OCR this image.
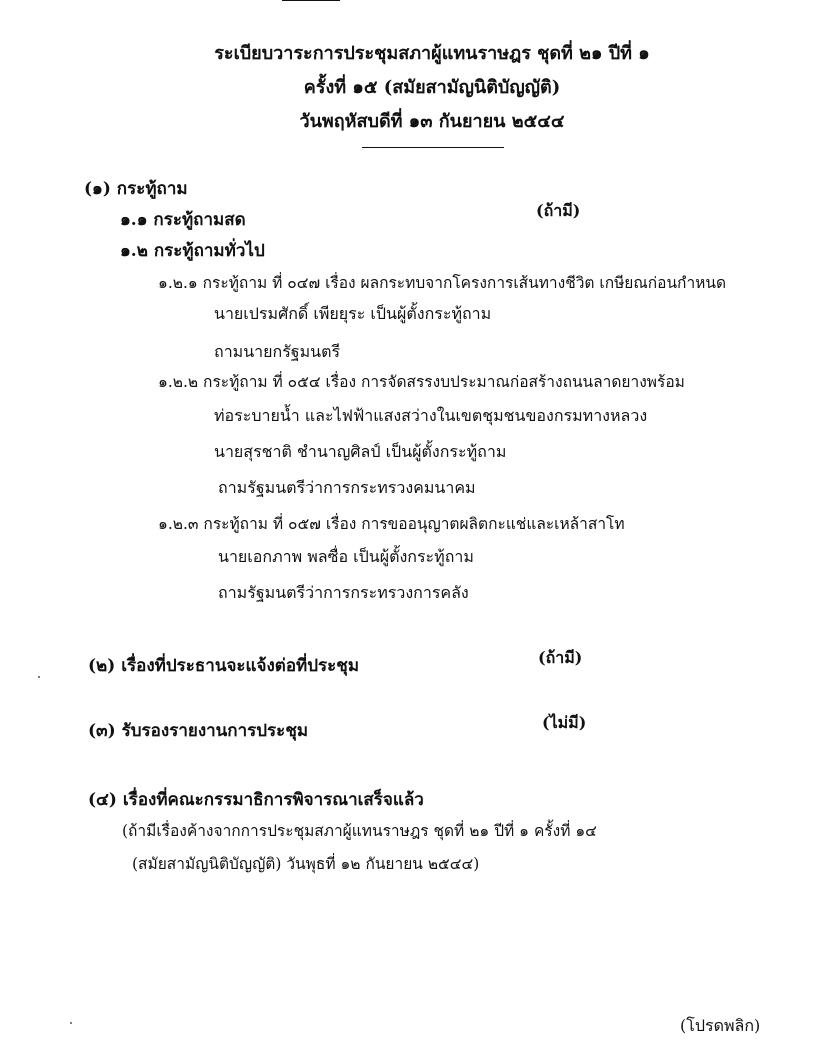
ระเบียบวาระการประชุมสภาผู้แทนราษฎร ชุดที่ ๒๑ ปีที่ ๑
ครั้งที่ ๑๕ (สมัยสามัญนิติบัญญัติ)
วันพฤหัสบดีที่ ๑๓ กันยายน ๒๕๔๔
(๑) กระทู้ถาม
๑.๑ กระทู้ถามสด	(ถ้ามี)
๑.๒ กระทู้ถามทั่วไป
๑.๒.๑ กระทู้ถาม ที่ ๐๔๗ เรื่อง ผลกระทบจากโครงการเส้นทางชีวิต เกษียณก่อนกำหนด
นายเปรมศักดิ์ เพียยุระ เป็นผู้ตั้งกระทู้ถาม
ถามนายกรัฐมนตรี
๑.๒.๒ กระทู้ถาม ที่ ๐๕๔ เรื่อง การจัดสรรงบประมาณก่อสร้างถนนลาดยางพร้อม
ท่อระบายน้ำ และไฟฟ้าแสงสว่างในเขตชุมชนของกรมทางหลวง
นายสุรชาติ ชำนาญศิลป์ เป็นผู้ตั้งกระทู้ถาม
ถามรัฐมนตรีว่าการกระทรวงคมนาคม
๑.๒.๓ กระทู้ถาม ที่ ๐๕๗ เรื่อง การขออนุญาตผลิตกะแช่และเหล้าสาโท
นายเอกภาพ พลซื่อ เป็นผู้ตั้งกระทู้ถาม
ถามรัฐมนตรีว่าการกระทรวงการคลัง
(๒) เรื่องที่ประธานจะแจ้งต่อที่ประชุม	(ถ้ามี)
(๓) รับรองรายงานการประชุม	(ไม่มี)
(๔) เรื่องที่คณะกรรมาธิการพิจารณาเสร็จแล้ว
(ถ้ามีเรื่องค้างจากการประชุมสภาผู้แทนราษฎร ชุดที่ ๒๑ ปีที่ ๑ ครั้งที่ ๑๔
(สมัยสามัญนิติบัญญัติ) วันพุธที่ ๑๒ กันยายน ๒๕๔๔)
(โปรดพลิก)
